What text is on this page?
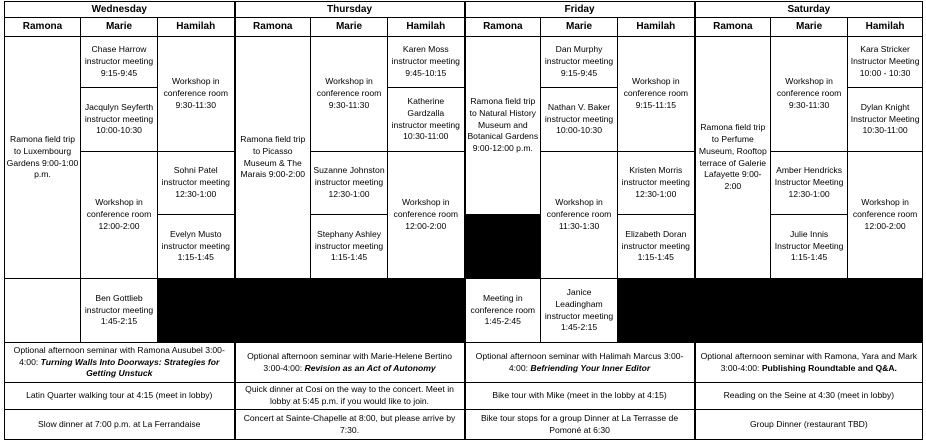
Wednesday			Thursday			Friday			Saturday		
Ramona	Marie	Hamilah	Ramona	Marie	Hamilah	Ramona	Marie	Hamilah	Ramona	Marie	Hamilah
Ramona field trip to Luxembourg Gardens 9:00-1:00 p.m.	Chase Harrow instructor meeting 9:15-9:45	Workshop in conference room 9:30-11:30	Ramona field trip to Picasso Museum & The Marais 9:00-2:00	Workshop in conference room 9:30-11:30	Karen Moss instructor meeting 9:45-10:15	Ramona field trip to Natural History Museum and Botanical Gardens 9:00-12:00 p.m.	Dan Murphy instructor meeting 9:15-9:45	Workshop in conference room 9:15-11:15	Ramona field trip to Perfume Museum, Rooftop terrace of Galerie Lafayette 9:00-2:00	Workshop in conference room 9:30-11:30	Kara Stricker Instructor Meeting 10:00 - 10:30
	Jacqulyn Seyferth instructor meeting 10:00-10:30				Katherine Gardzalla instructor meeting 10:30-11:00		Nathan V. Baker instructor meeting 10:00-10:30				Dylan Knight Instructor Meeting 10:30-11:00
	Workshop in conference room 12:00-2:00	Sohni Patel instructor meeting 12:30-1:00		Suzanne Johnston instructor meeting 12:30-1:00	Workshop in conference room 12:00-2:00		Workshop in conference room 11:30-1:30	Kristen Morris instructor meeting 12:30-1:00		Amber Hendricks Instructor Meeting 12:30-1:00	Workshop in conference room 12:00-2:00
		Evelyn Musto instructor meeting 1:15-1:45		Stephany Ashley instructor meeting 1:15-1:45				Elizabeth Doran instructor meeting 1:15-1:45		Julie Innis Instructor Meeting 1:15-1:45	
	Ben Gottlieb instructor meeting 1:45-2:15					Meeting in conference room 1:45-2:45	Janice Leadingham instructor meeting 1:45-2:15				
Optional afternoon seminar with Ramona Ausubel 3:00-4:00: Turning Walls Into Doorways: Strategies for Getting Unstuck			Optional afternoon seminar with Marie-Helene Bertino 3:00-4:00: Revision as an Act of Autonomy			Optional afternoon seminar with Halimah Marcus 3:00-4:00: Befriending Your Inner Editor			Optional afternoon seminar with Ramona, Yara and Mark 3:00-4:00: Publishing Roundtable and Q&A.		
Latin Quarter walking tour at 4:15 (meet in lobby)			Quick dinner at Cosi on the way to the concert. Meet in lobby at 5:45 p.m. if you would like to join.			Bike tour with Mike (meet in the lobby at 4:15)			Reading on the Seine at 4:30 (meet in lobby)		
Slow dinner at 7:00 p.m. at La Ferrandaise			Concert at Sainte-Chapelle at 8:00, but please arrive by 7:30.			Bike tour stops for a group Dinner at La Terrasse de Pomoné at 6:30			Group Dinner (restaurant TBD)		
